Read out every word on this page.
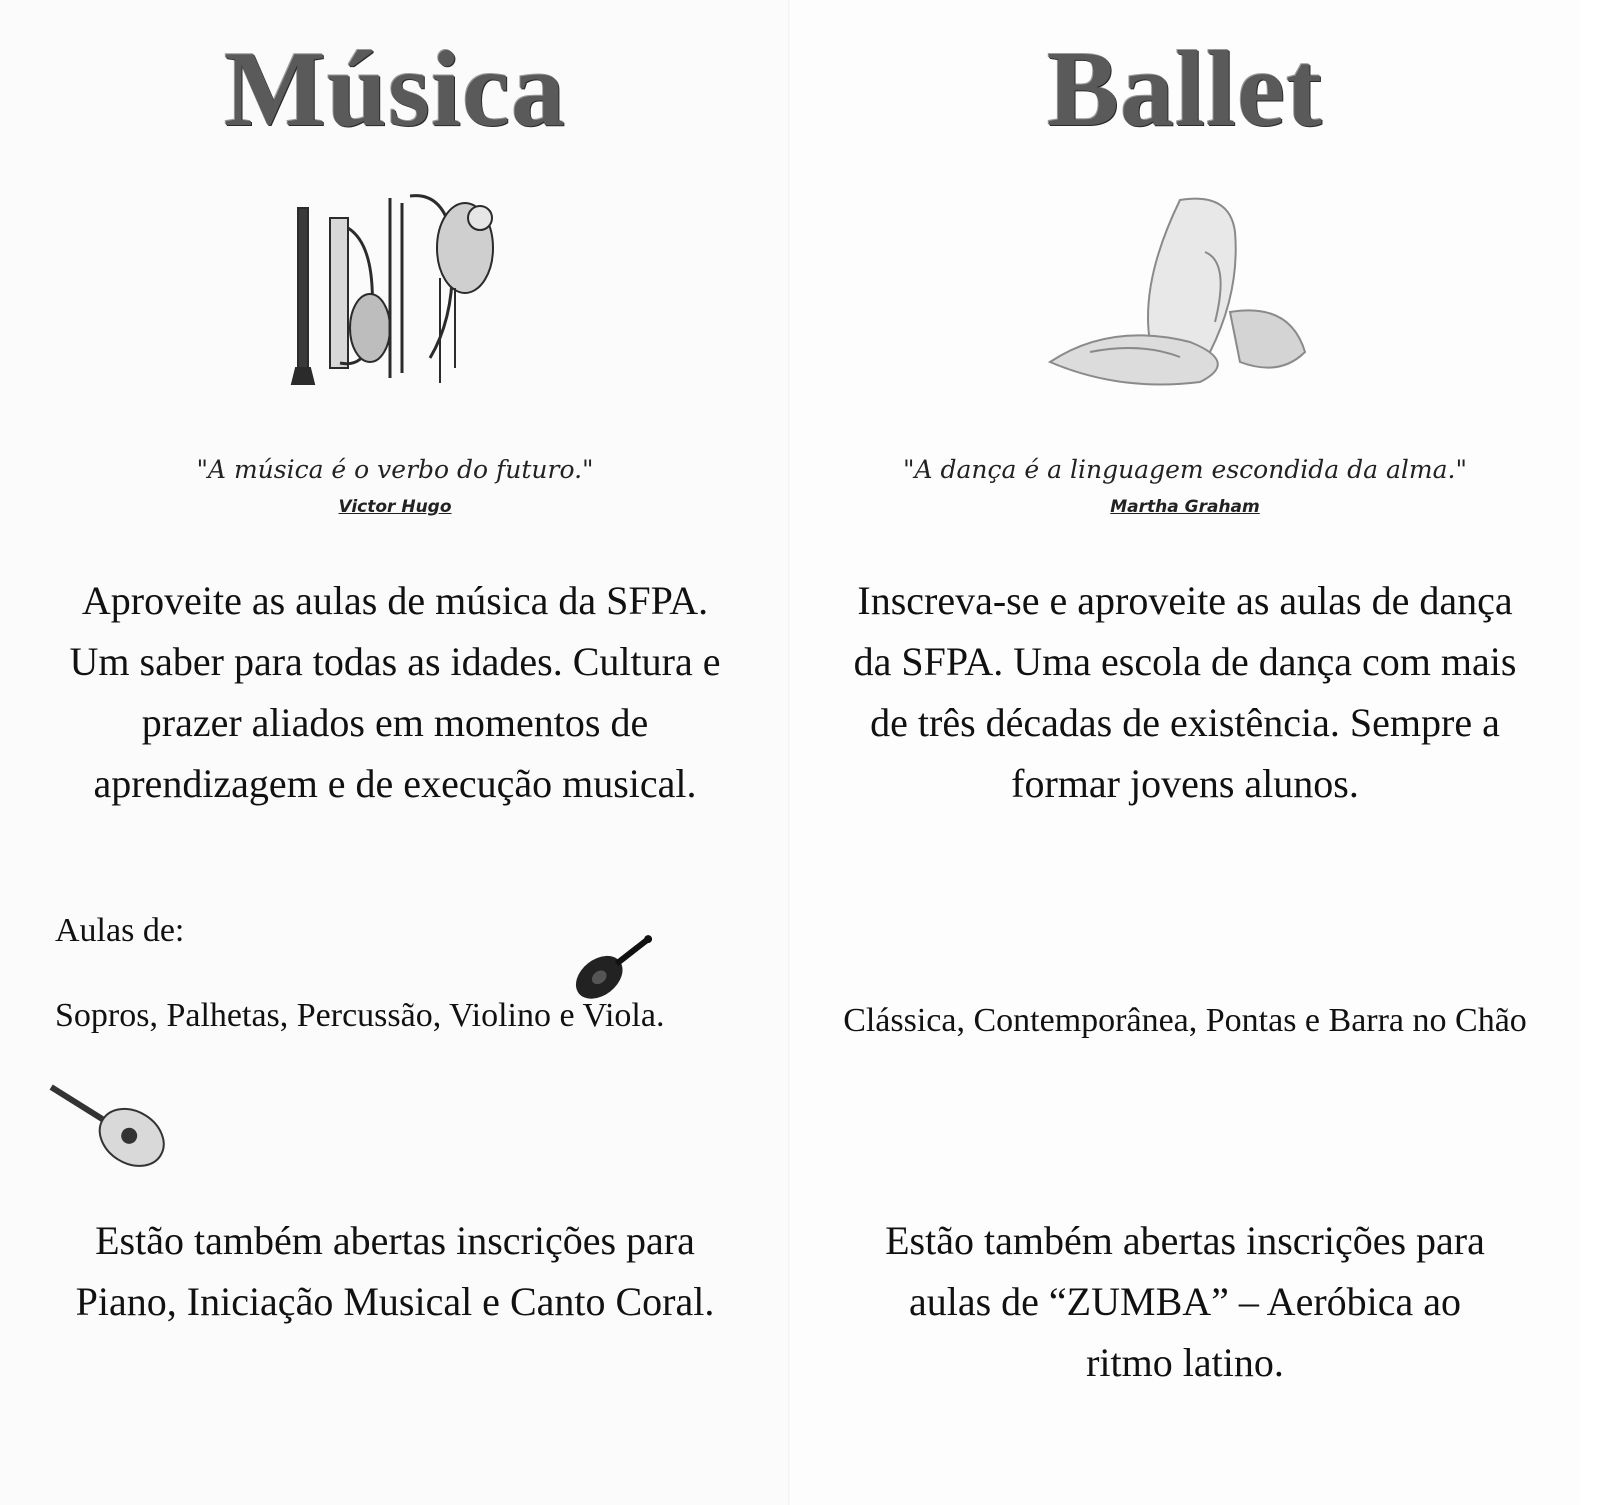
Música

"A música é o verbo do futuro."

Victor Hugo

Aproveite as aulas de música da SFPA. Um saber para todas as idades. Cultura e prazer aliados em momentos de aprendizagem e de execução musical.

Aulas de:

Sopros, Palhetas, Percussão, Violino e Viola.

Estão também abertas inscrições para Piano, Iniciação Musical e Canto Coral.

Ballet

"A dança é a linguagem escondida da alma."

Martha Graham

Inscreva-se e aproveite as aulas de dança da SFPA. Uma escola de dança com mais de três décadas de existência. Sempre a formar jovens alunos.

Clássica, Contemporânea, Pontas e Barra no Chão

Estão também abertas inscrições para aulas de “ZUMBA” – Aeróbica ao ritmo latino.
